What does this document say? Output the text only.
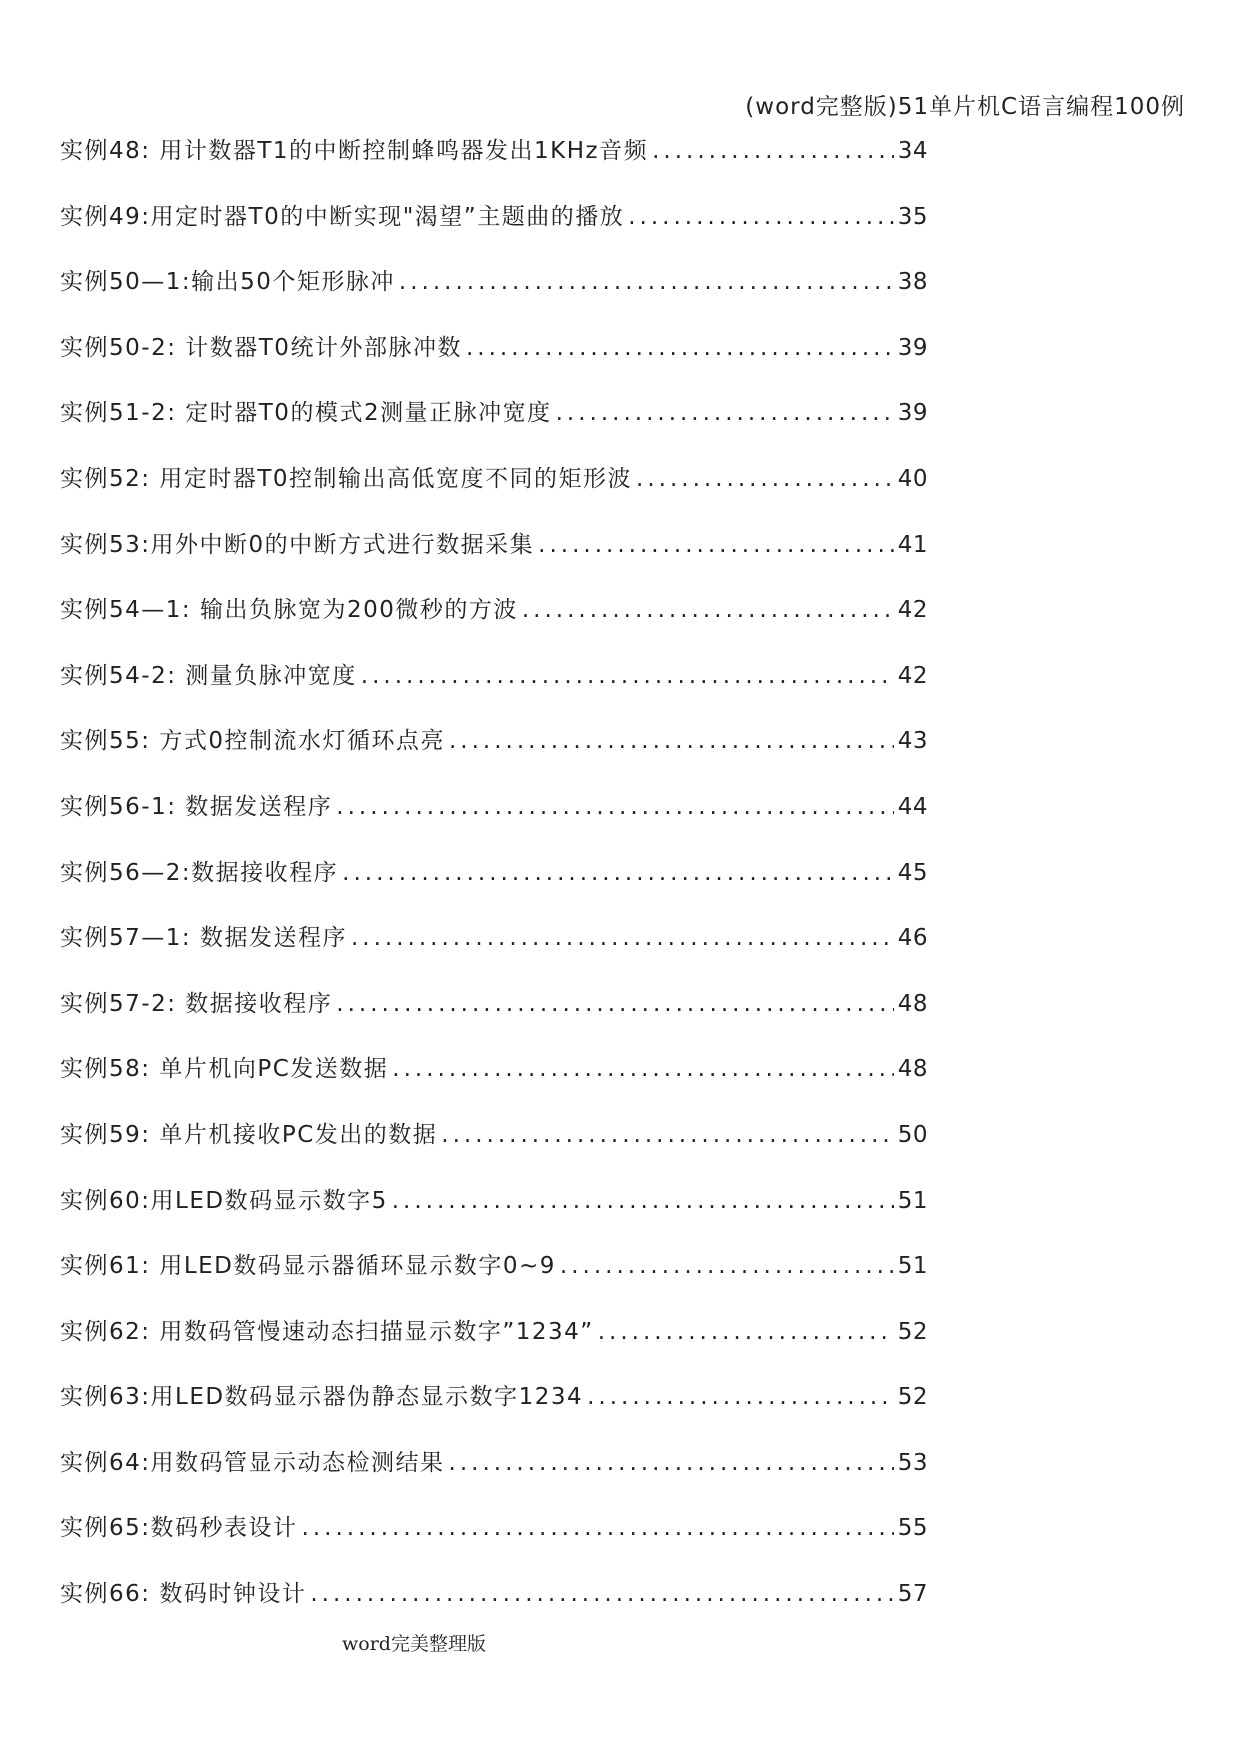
(word完整版)51单片机C语言编程100例
实例48: 用计数器T1的中断控制蜂鸣器发出1KHz音频 .....	34
实例49:用定时器T0的中断实现"渴望”主题曲的播放 .....	35
实例50—1:输出50个矩形脉冲 .....	38
实例50-2: 计数器T0统计外部脉冲数 .....	39
实例51-2: 定时器T0的模式2测量正脉冲宽度 .....	39
实例52: 用定时器T0控制输出高低宽度不同的矩形波 .....	40
实例53:用外中断0的中断方式进行数据采集 .....	41
实例54—1: 输出负脉宽为200微秒的方波 .....	42
实例54-2: 测量负脉冲宽度 .....	42
实例55: 方式0控制流水灯循环点亮 .....	43
实例56-1: 数据发送程序 .....	44
实例56—2:数据接收程序 .....	45
实例57—1: 数据发送程序 .....	46
实例57-2: 数据接收程序 .....	48
实例58: 单片机向PC发送数据 .....	48
实例59: 单片机接收PC发出的数据 .....	50
实例60:用LED数码显示数字5 .....	51
实例61: 用LED数码显示器循环显示数字0~9 .....	51
实例62: 用数码管慢速动态扫描显示数字”1234” .....	52
实例63:用LED数码显示器伪静态显示数字1234 .....	52
实例64:用数码管显示动态检测结果 .....	53
实例65:数码秒表设计 .....	55
实例66: 数码时钟设计 .....	57
word完美整理版
